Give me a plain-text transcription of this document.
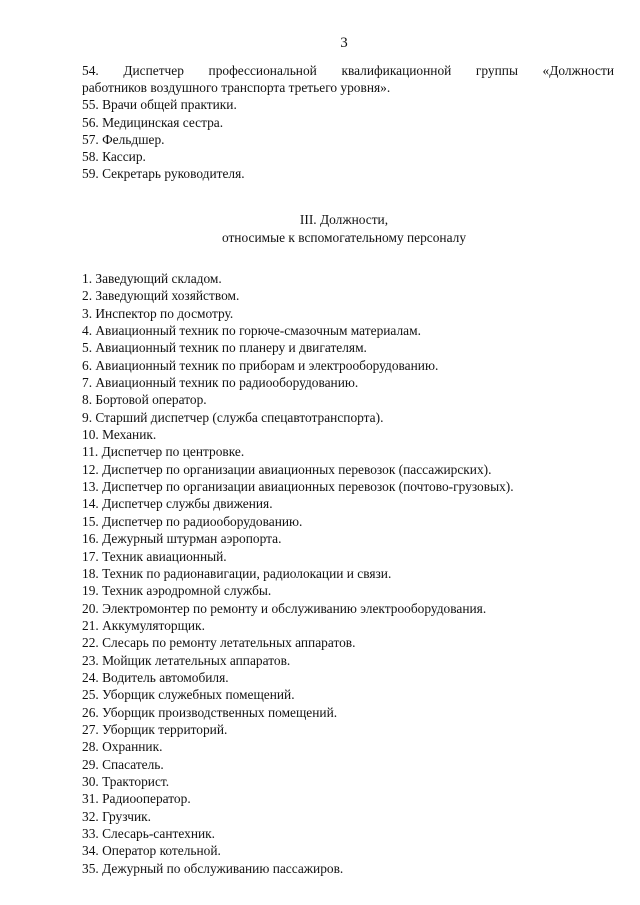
3
54. Диспетчер профессиональной квалификационной группы «Должности
работников воздушного транспорта третьего уровня».
55. Врачи общей практики.
56. Медицинская сестра.
57. Фельдшер.
58. Кассир.
59. Секретарь руководителя.
III. Должности,
относимые к вспомогательному персоналу
1. Заведующий складом.
2. Заведующий хозяйством.
3. Инспектор по досмотру.
4. Авиационный техник по горюче-смазочным материалам.
5. Авиационный техник по планеру и двигателям.
6. Авиационный техник по приборам и электрооборудованию.
7. Авиационный техник по радиооборудованию.
8. Бортовой оператор.
9. Старший диспетчер (служба спецавтотранспорта).
10. Механик.
11. Диспетчер по центровке.
12. Диспетчер по организации авиационных перевозок (пассажирских).
13. Диспетчер по организации авиационных перевозок (почтово-грузовых).
14. Диспетчер службы движения.
15. Диспетчер по радиооборудованию.
16. Дежурный штурман аэропорта.
17. Техник авиационный.
18. Техник по радионавигации, радиолокации и связи.
19. Техник аэродромной службы.
20. Электромонтер по ремонту и обслуживанию электрооборудования.
21. Аккумуляторщик.
22. Слесарь по ремонту летательных аппаратов.
23. Мойщик летательных аппаратов.
24. Водитель автомобиля.
25. Уборщик служебных помещений.
26. Уборщик производственных помещений.
27. Уборщик территорий.
28. Охранник.
29. Спасатель.
30. Тракторист.
31. Радиооператор.
32. Грузчик.
33. Слесарь-сантехник.
34. Оператор котельной.
35. Дежурный по обслуживанию пассажиров.
